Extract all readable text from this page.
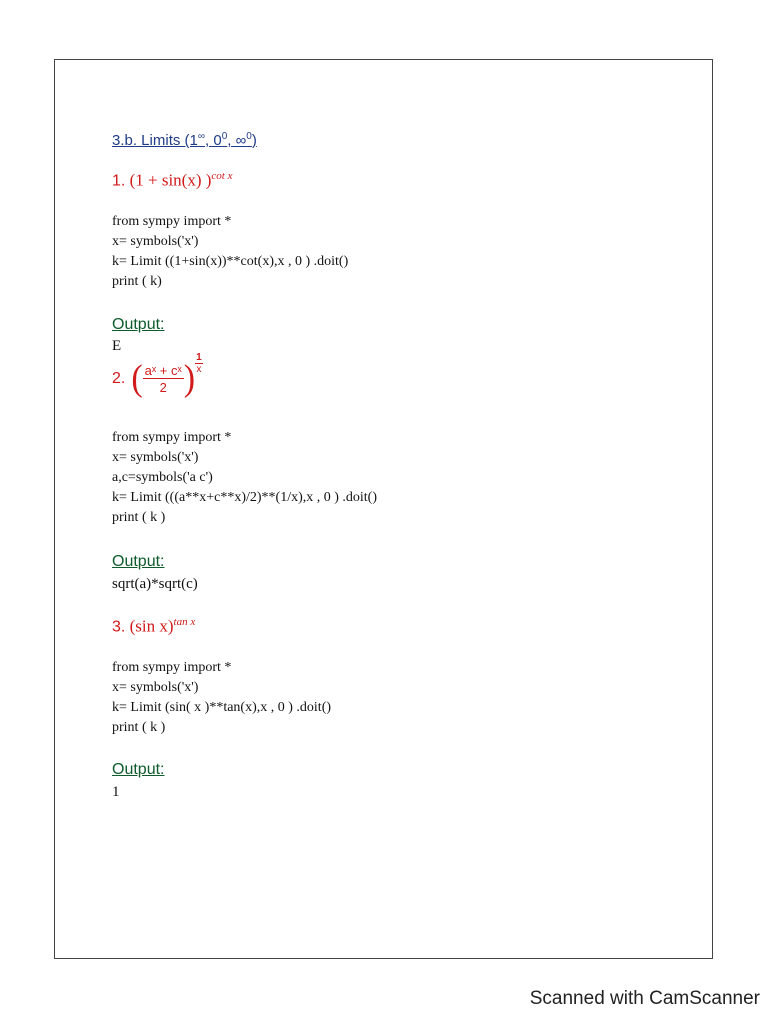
3.b. Limits (1∞, $0^0$, ∞$^0$)
1. (1 + sin(x) )$^{cot x}$
from sympy import *
x= symbols('x')
k= Limit ((1+sin(x))**cot(x),x , 0 ) .doit()
print ( k)
Output:
E
2. ( $\frac{\text{aˣ + cˣ}}{2}$ ) $\frac{1}{x}$
from sympy import *
x= symbols('x')
a,c=symbols('a c')
k= Limit (((a**x+c**x)/2)**(1/x),x , 0 ) .doit()
print ( k )
Output:
sqrt(a)*sqrt(c)
3. (sin x)$^{tan x}$
from sympy import *
x= symbols('x')
k= Limit (sin( x )**tan(x),x , 0 ) .doit()
print ( k )
Output:
1
Scanned with CamScanner
